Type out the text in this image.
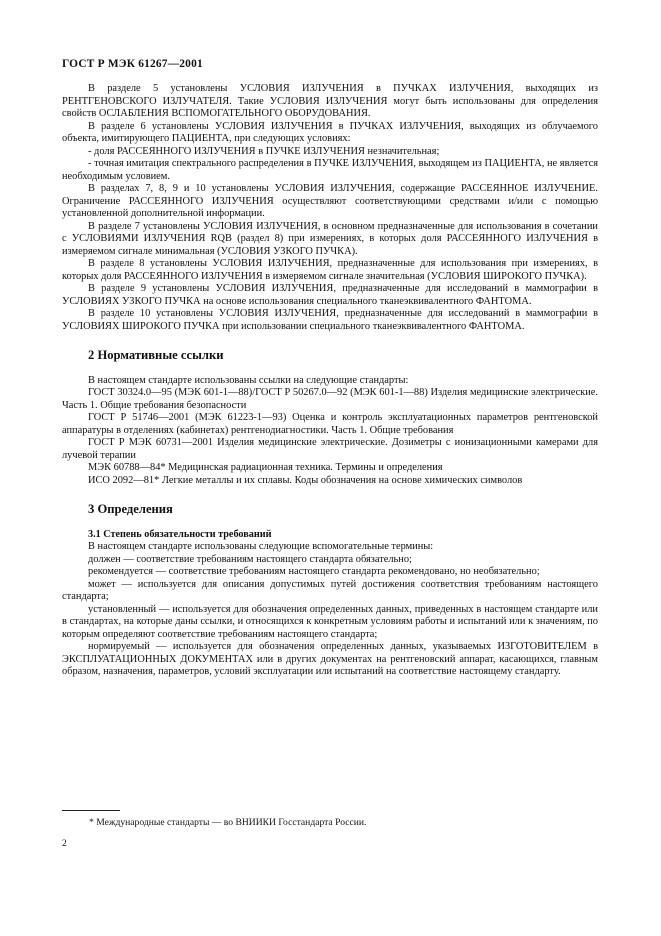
ГОСТ Р МЭК 61267—2001

В разделе 5 установлены УСЛОВИЯ ИЗЛУЧЕНИЯ в ПУЧКАХ ИЗЛУЧЕНИЯ, выходящих из РЕНТГЕНОВСКОГО ИЗЛУЧАТЕЛЯ. Такие УСЛОВИЯ ИЗЛУЧЕНИЯ могут быть использованы для определения свойств ОСЛАБЛЕНИЯ ВСПОМОГАТЕЛЬНОГО ОБОРУДОВАНИЯ.

В разделе 6 установлены УСЛОВИЯ ИЗЛУЧЕНИЯ в ПУЧКАХ ИЗЛУЧЕНИЯ, выходящих из облучаемого объекта, имитирующего ПАЦИЕНТА, при следующих условиях:

- доля РАССЕЯННОГО ИЗЛУЧЕНИЯ в ПУЧКЕ ИЗЛУЧЕНИЯ незначительная;

- точная имитация спектрального распределения в ПУЧКЕ ИЗЛУЧЕНИЯ, выходящем из ПАЦИЕНТА, не является необходимым условием.

В разделах 7, 8, 9 и 10 установлены УСЛОВИЯ ИЗЛУЧЕНИЯ, содержащие РАССЕЯННОЕ ИЗЛУЧЕНИЕ. Ограничение РАССЕЯННОГО ИЗЛУЧЕНИЯ осуществляют соответствующими средствами и/или с помощью установленной дополнительной информации.

В разделе 7 установлены УСЛОВИЯ ИЗЛУЧЕНИЯ, в основном предназначенные для использования в сочетании с УСЛОВИЯМИ ИЗЛУЧЕНИЯ RQB (раздел 8) при измерениях, в которых доля РАССЕЯННОГО ИЗЛУЧЕНИЯ в измеряемом сигнале минимальная (УСЛОВИЯ УЗКОГО ПУЧКА).

В разделе 8 установлены УСЛОВИЯ ИЗЛУЧЕНИЯ, предназначенные для использования при измерениях, в которых доля РАССЕЯННОГО ИЗЛУЧЕНИЯ в измеряемом сигнале значительная (УСЛОВИЯ ШИРОКОГО ПУЧКА).

В разделе 9 установлены УСЛОВИЯ ИЗЛУЧЕНИЯ, предназначенные для исследований в маммографии в УСЛОВИЯХ УЗКОГО ПУЧКА на основе использования специального тканеэквивалентного ФАНТОМА.

В разделе 10 установлены УСЛОВИЯ ИЗЛУЧЕНИЯ, предназначенные для исследований в маммографии в УСЛОВИЯХ ШИРОКОГО ПУЧКА при использовании специального тканеэквивалентного ФАНТОМА.

2 Нормативные ссылки

В настоящем стандарте использованы ссылки на следующие стандарты:

ГОСТ 30324.0—95 (МЭК 601-1—88)/ГОСТ Р 50267.0—92 (МЭК 601-1—88) Изделия медицинские электрические. Часть 1. Общие требования безопасности

ГОСТ Р 51746—2001 (МЭК 61223-1—93) Оценка и контроль эксплуатационных параметров рентгеновской аппаратуры в отделениях (кабинетах) рентгенодиагностики. Часть 1. Общие требования

ГОСТ Р МЭК 60731—2001 Изделия медицинские электрические. Дозиметры с ионизационными камерами для лучевой терапии

МЭК 60788—84* Медицинская радиационная техника. Термины и определения

ИСО 2092—81* Легкие металлы и их сплавы. Коды обозначения на основе химических символов

3 Определения
3.1 Степень обязательности требований

В настоящем стандарте использованы следующие вспомогательные термины:

должен — соответствие требованиям настоящего стандарта обязательно;

рекомендуется — соответствие требованиям настоящего стандарта рекомендовано, но необязательно;

может — используется для описания допустимых путей достижения соответствия требованиям настоящего стандарта;

установленный — используется для обозначения определенных данных, приведенных в настоящем стандарте или в стандартах, на которые даны ссылки, и относящихся к конкретным условиям работы и испытаний или к значениям, по которым определяют соответствие требованиям настоящего стандарта;

нормируемый — используется для обозначения определенных данных, указываемых ИЗГОТОВИТЕЛЕМ в ЭКСПЛУАТАЦИОННЫХ ДОКУМЕНТАХ или в других документах на рентгеновский аппарат, касающихся, главным образом, назначения, параметров, условий эксплуатации или испытаний на соответствие настоящему стандарту.

* Международные стандарты — во ВНИИКИ Госстандарта России.
2
